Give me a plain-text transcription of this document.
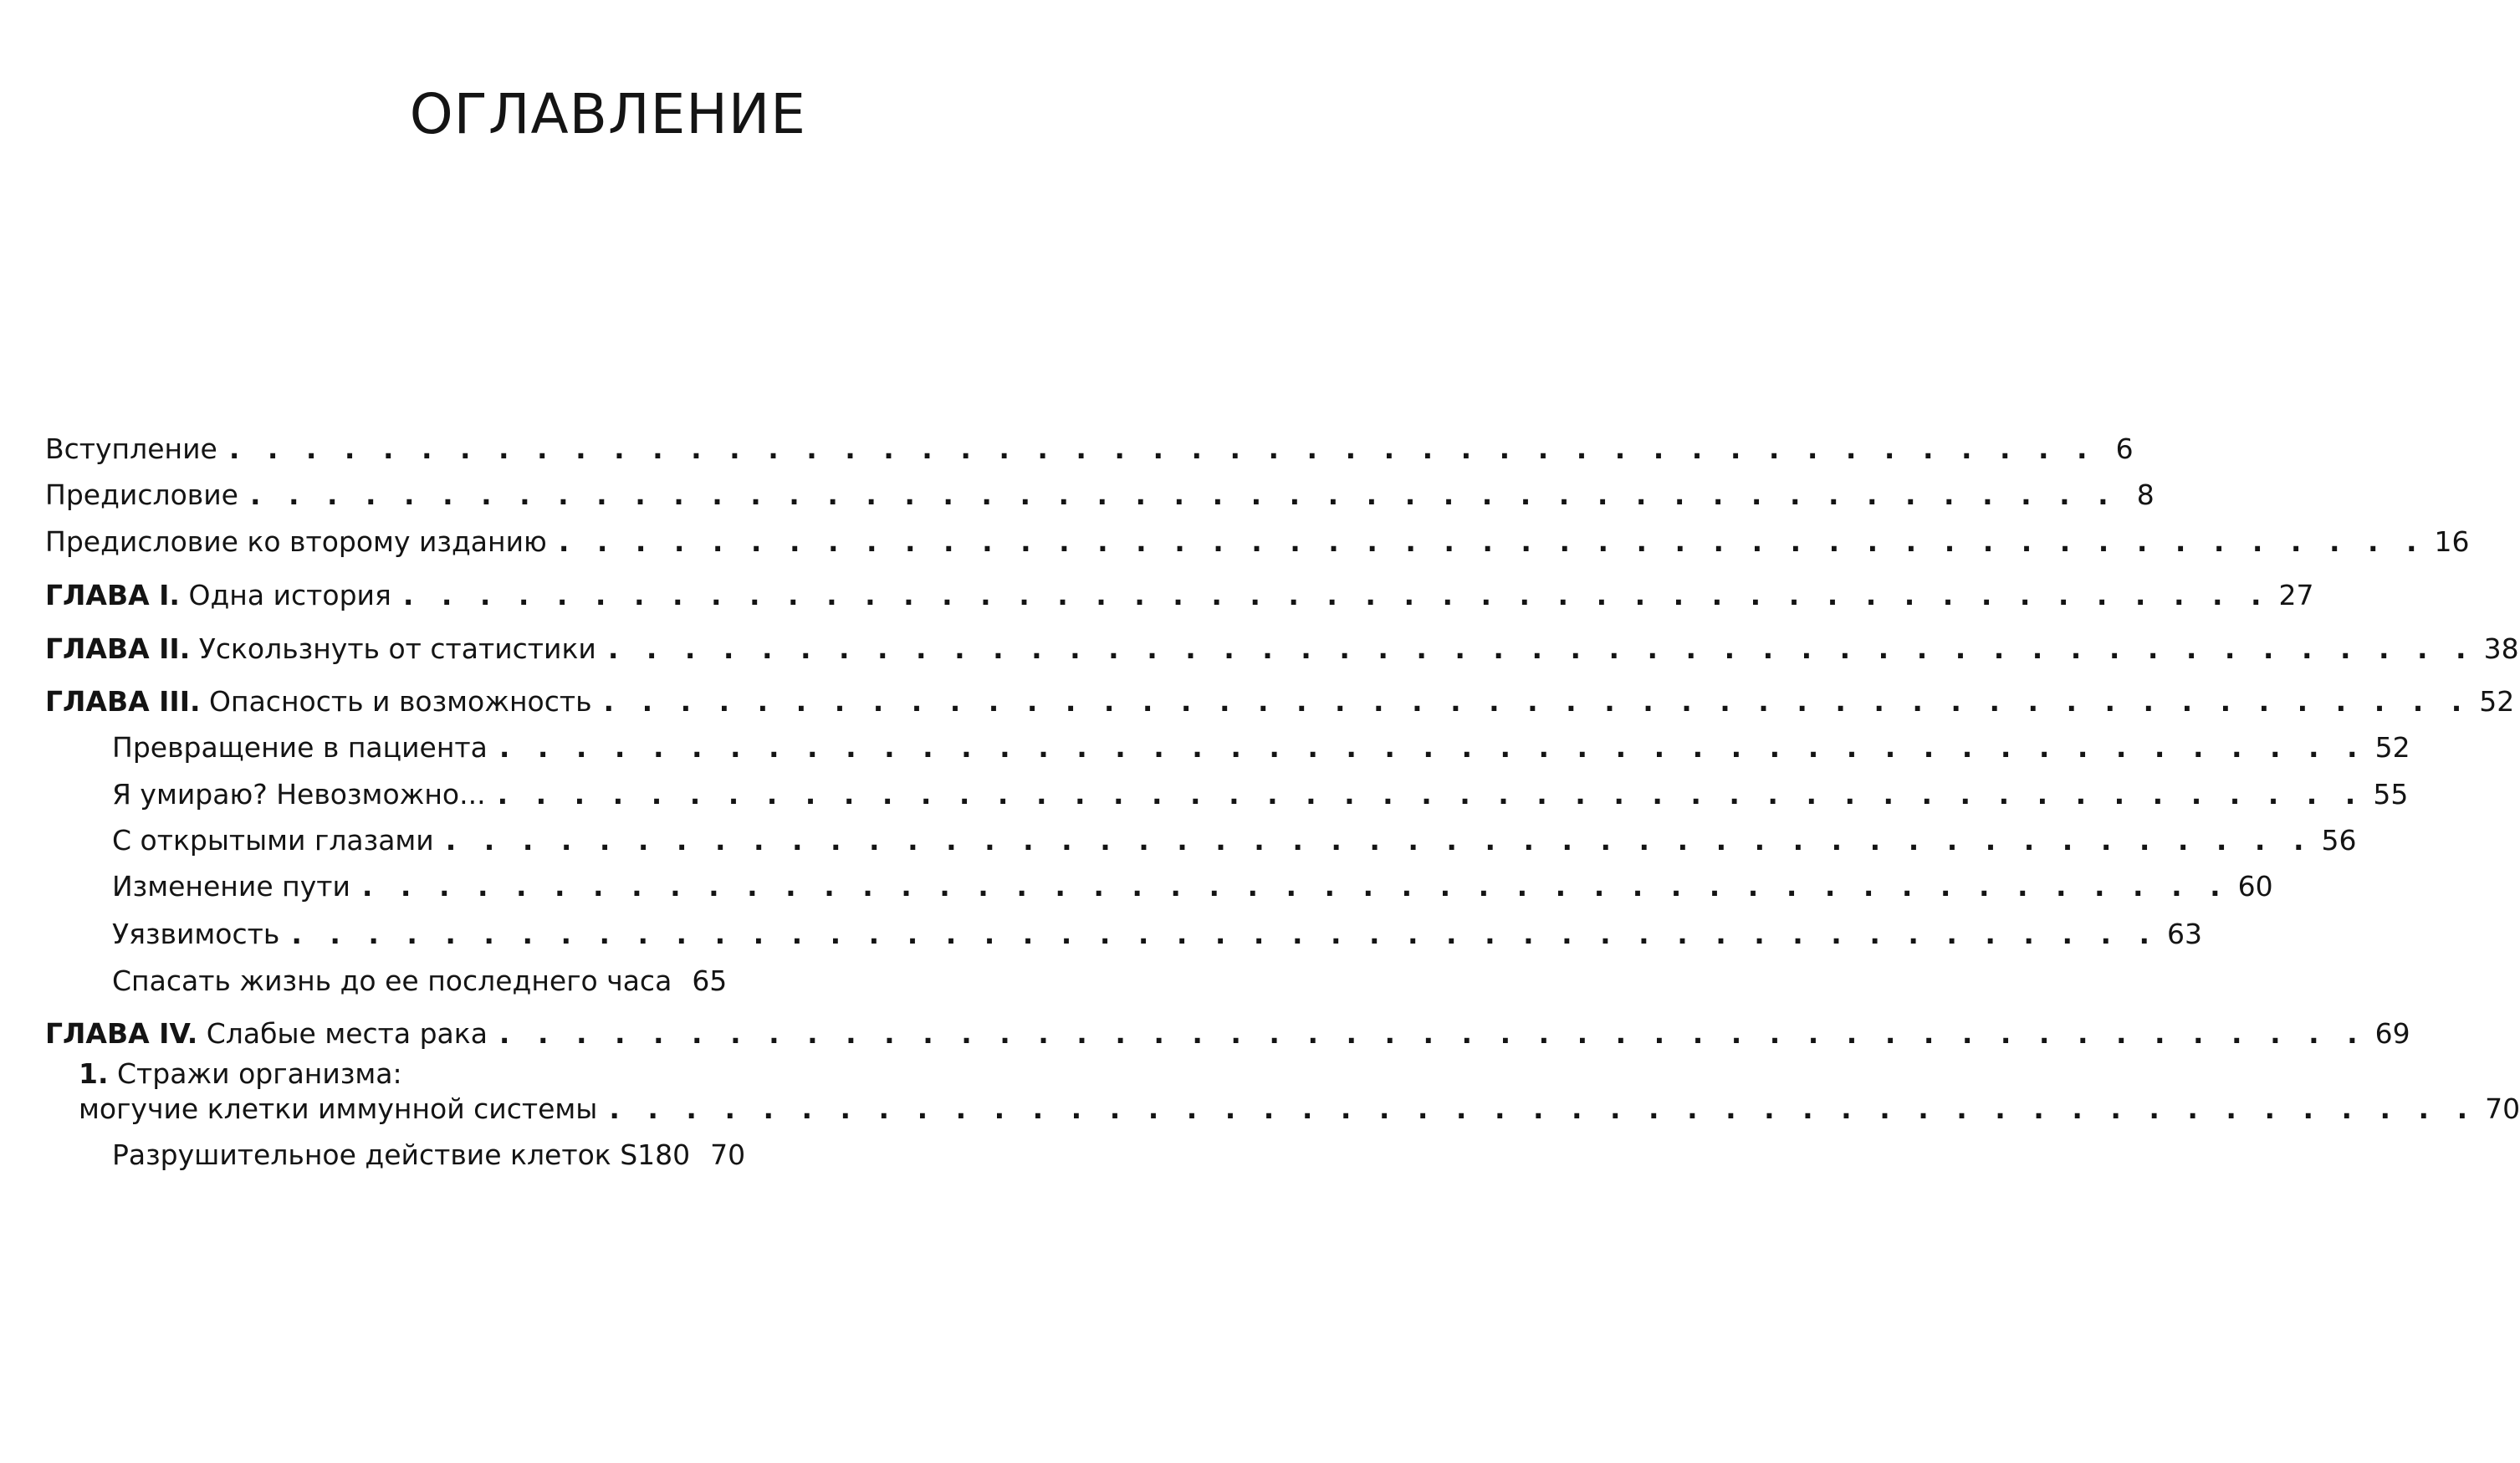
ОГЛАВЛЕНИЕ
Вступление . . . . . . . . . . . . . . . . . . . . . . . . . . . . . . . . . . . . . . . . . . . . . . . . . 6
Предисловие . . . . . . . . . . . . . . . . . . . . . . . . . . . . . . . . . . . . . . . . . . . . . . . . . 8
Предисловие ко второму изданию . . . . . . . . . . . . . . . . . . . . . . . . . . . . . . . . . . . . . . . . . . . . . . . . . 16
ГЛАВА I. Одна история . . . . . . . . . . . . . . . . . . . . . . . . . . . . . . . . . . . . . . . . . . . . . . . . . 27
ГЛАВА II. Ускользнуть от статистики . . . . . . . . . . . . . . . . . . . . . . . . . . . . . . . . . . . . . . . . . . . . . . . . . 38
ГЛАВА III. Опасность и возможность . . . . . . . . . . . . . . . . . . . . . . . . . . . . . . . . . . . . . . . . . . . . . . . . . 52
Превращение в пациента . . . . . . . . . . . . . . . . . . . . . . . . . . . . . . . . . . . . . . . . . . . . . . . . . 52
Я умираю? Невозможно... . . . . . . . . . . . . . . . . . . . . . . . . . . . . . . . . . . . . . . . . . . . . . . . . . 55
С открытыми глазами . . . . . . . . . . . . . . . . . . . . . . . . . . . . . . . . . . . . . . . . . . . . . . . . . 56
Изменение пути . . . . . . . . . . . . . . . . . . . . . . . . . . . . . . . . . . . . . . . . . . . . . . . . . 60
Уязвимость . . . . . . . . . . . . . . . . . . . . . . . . . . . . . . . . . . . . . . . . . . . . . . . . . 63
Спасать жизнь до ее последнего часа 65
ГЛАВА IV. Слабые места рака . . . . . . . . . . . . . . . . . . . . . . . . . . . . . . . . . . . . . . . . . . . . . . . . . 69
1. Стражи организма:
могучие клетки иммунной системы . . . . . . . . . . . . . . . . . . . . . . . . . . . . . . . . . . . . . . . . . . . . . . . . . 70
Разрушительное действие клеток S180 70
